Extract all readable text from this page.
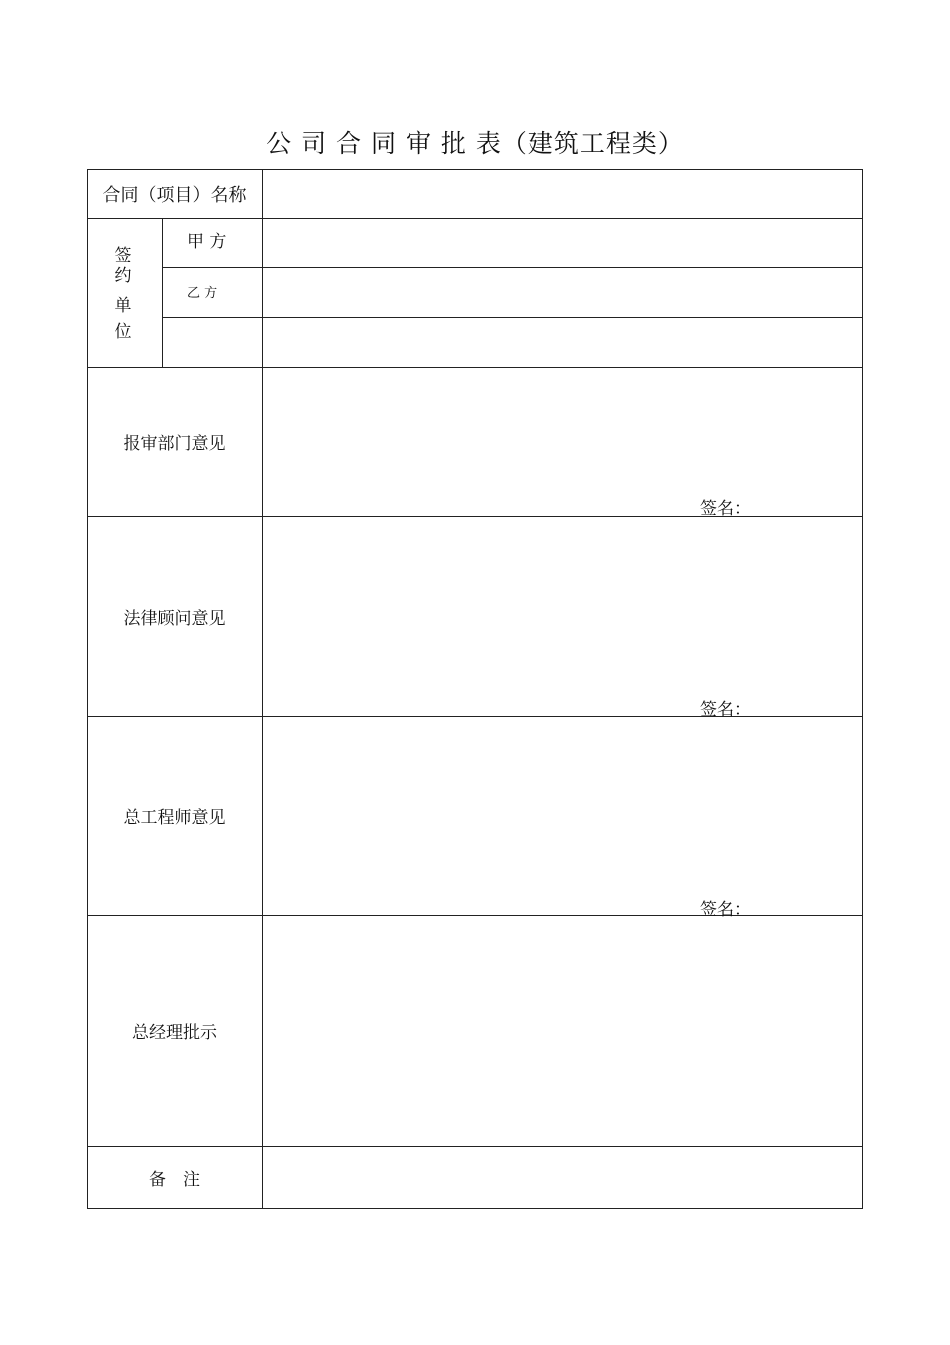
公 司 合 同 审 批 表（建筑工程类）
合同（项目）名称
签
约
单
位
甲 方
乙 方
报审部门意见
签名：
法律顾问意见
签名：
总工程师意见
签名：
总经理批示
备　注
